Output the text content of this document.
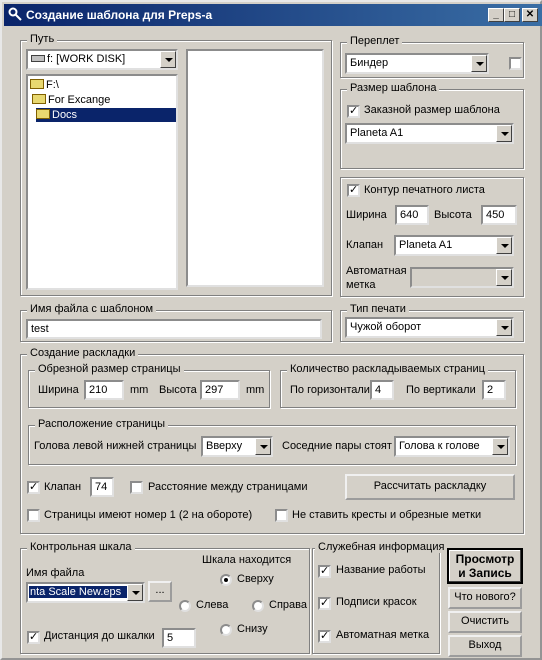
Создание шаблона для Preps-a	_	□	✕
Путь
f: [WORK DISK]
F:\
For Excange
Docs
Переплет
Биндер
Размер шаблона
✓
Заказной размер шаблона
Planeta A1
✓
Контур печатного листа
Ширина 640 Высота 450
Клапан Planeta A1
Автоматная
метка
Имя файла с шаблоном
test
Тип печати
Чужой оборот
Создание раскладки
Обрезной размер страницы
Ширина 210 mm Высота 297 mm
Количество раскладываемых страниц
По горизонтали 4 По вертикали 2
Расположение страницы
Голова левой нижней страницы Вверху	Соседние пары стоят Голова к голове
✓
Клапан 74	Расстояние между страницами	Рассчитать раскладку
Страницы имеют номер 1 (2 на обороте)	Не ставить кресты и обрезные метки
Контрольная шкала
Имя файла
nta Scale New.eps	...
Шкала находится
Сверху
Слева	Справа
Снизу
✓
Дистанция до шкалки 5
Служебная информация
✓
Название работы
✓
Подписи красок
✓
Автоматная метка
Просмотр
и Запись
Что нового?
Очистить
Выход
